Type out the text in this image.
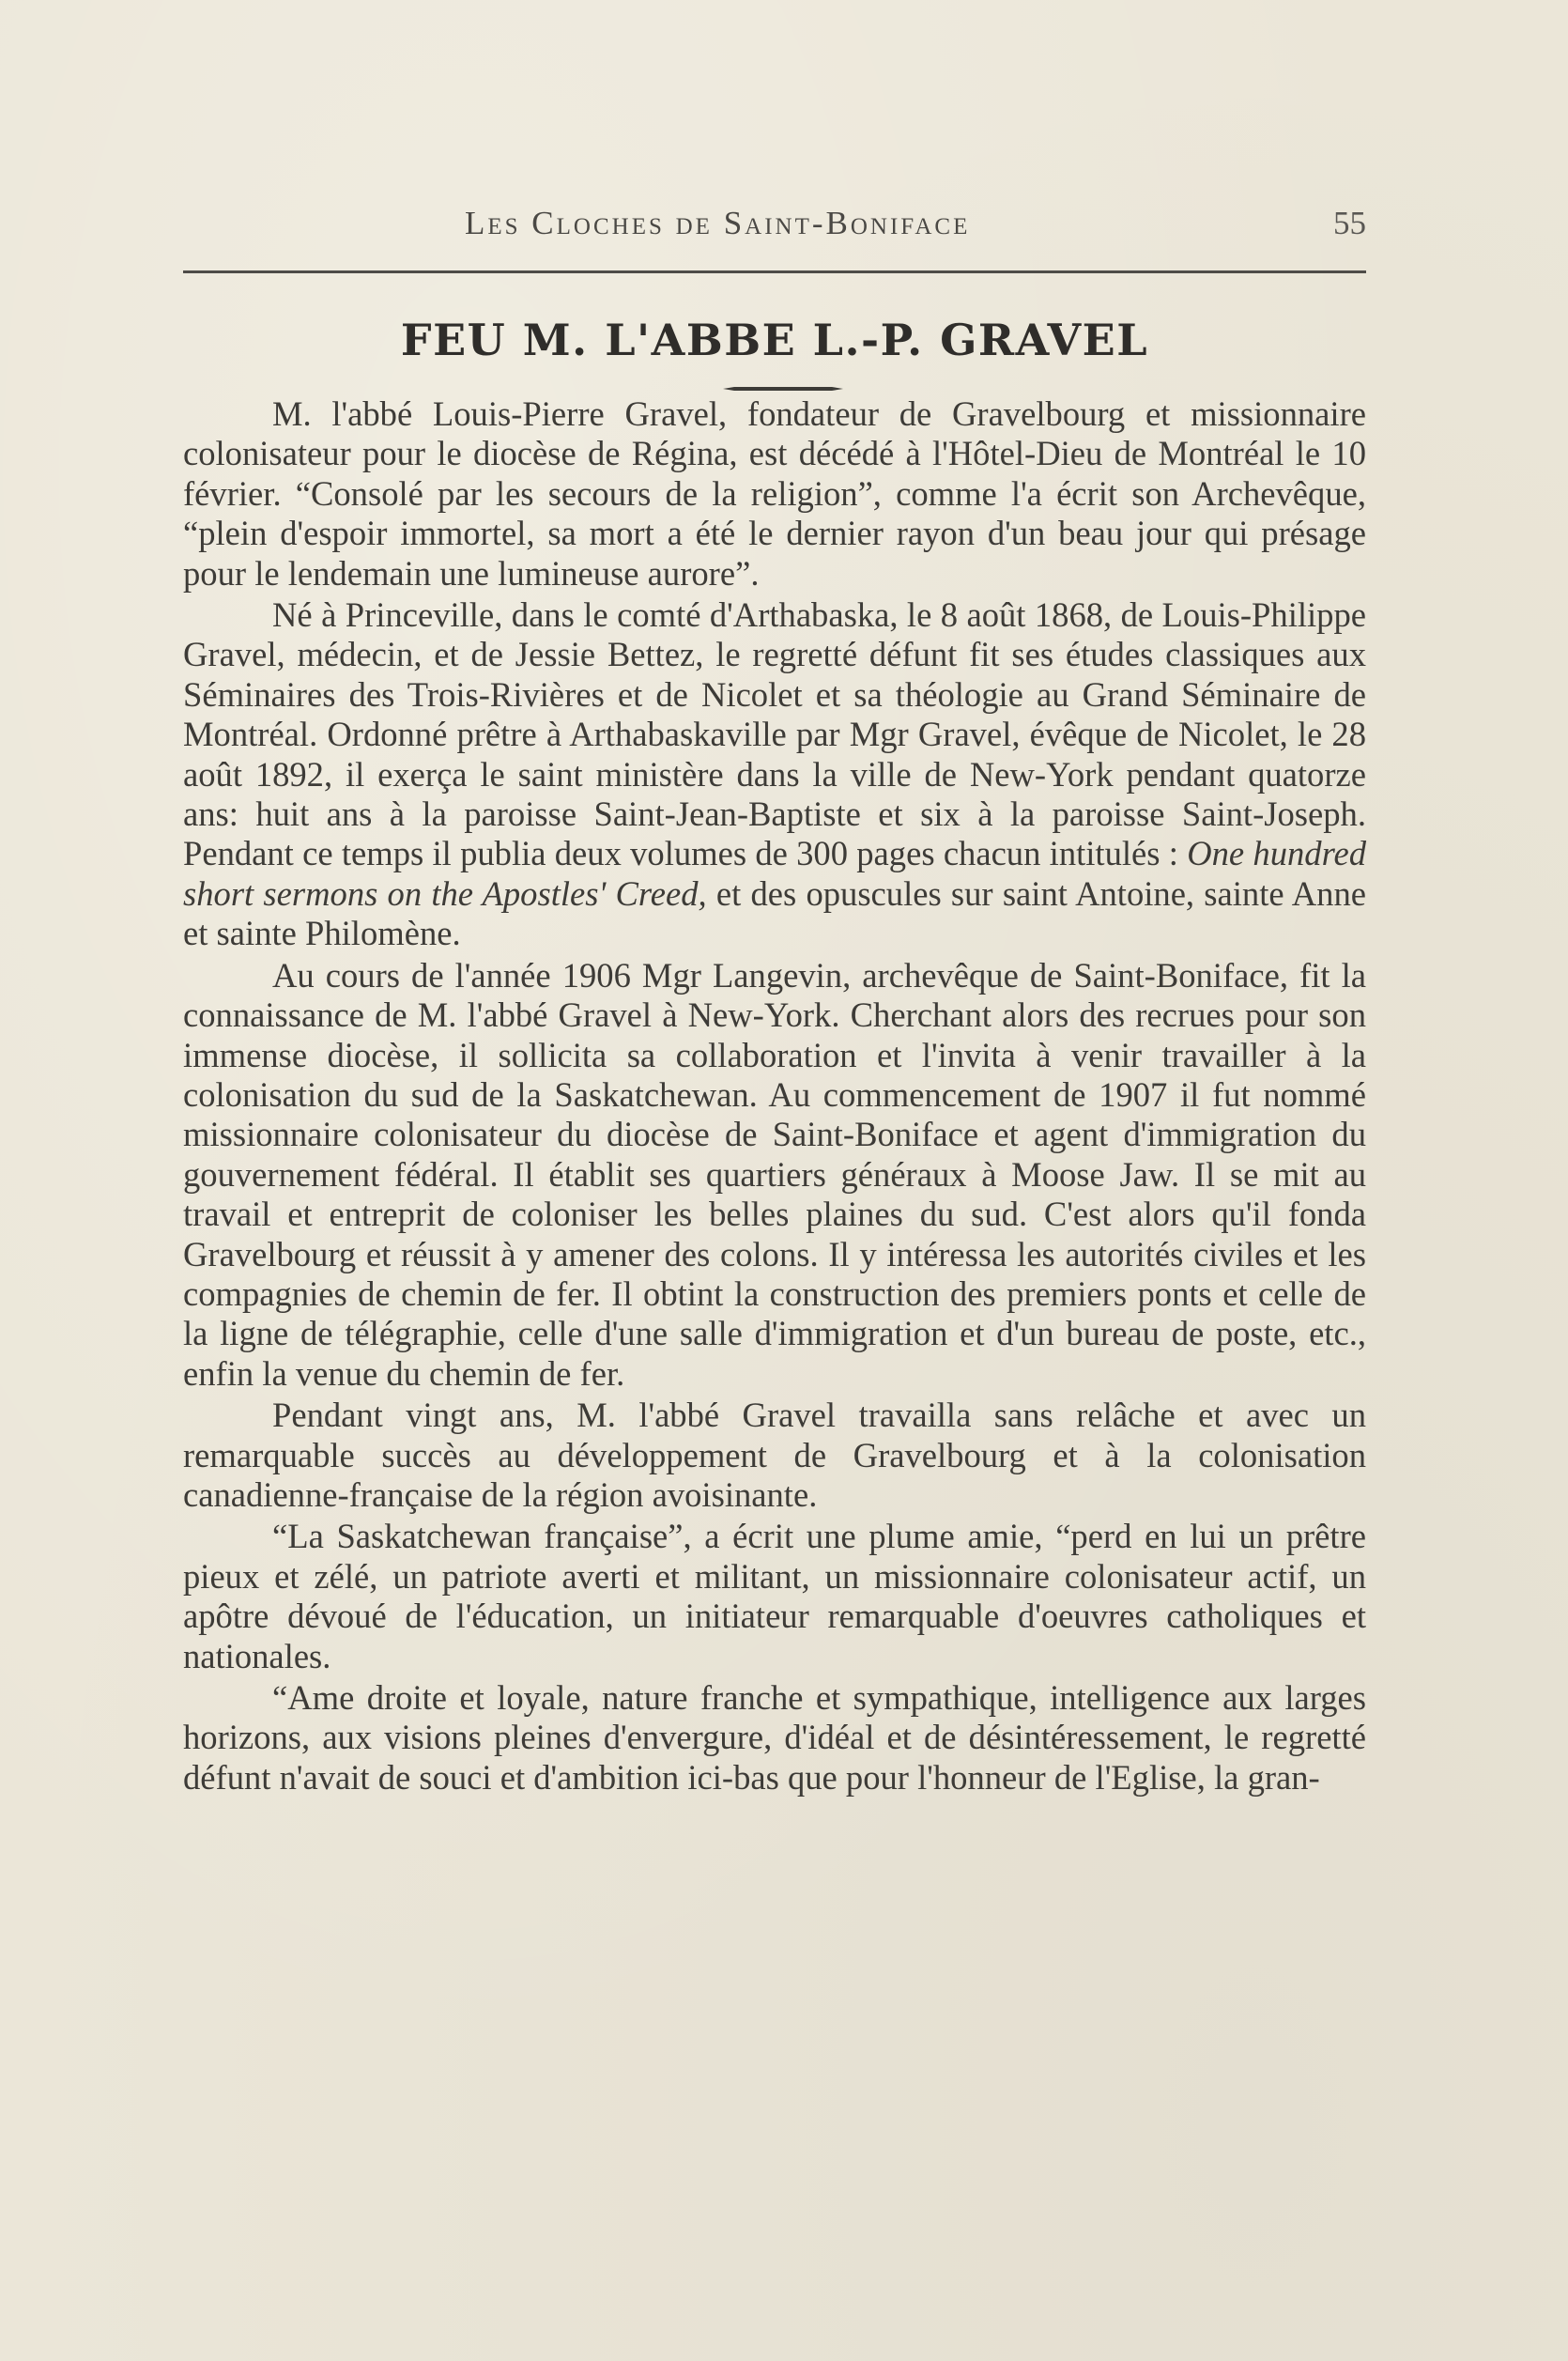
Les Cloches de Saint-Boniface	55
FEU M. L'ABBE L.-P. GRAVEL

M. l'abbé Louis-Pierre Gravel, fondateur de Gravelbourg et missionnaire colonisateur pour le diocèse de Régina, est décédé à l'Hôtel-Dieu de Montréal le 10 février. “Consolé par les secours de la religion”, comme l'a écrit son Archevêque, “plein d'espoir immortel, sa mort a été le dernier rayon d'un beau jour qui présage pour le lendemain une lumineuse aurore”.

Né à Princeville, dans le comté d'Arthabaska, le 8 août 1868, de Louis-Philippe Gravel, médecin, et de Jessie Bettez, le regretté défunt fit ses études classiques aux Séminaires des Trois-Rivières et de Nicolet et sa théologie au Grand Séminaire de Montréal. Ordonné prêtre à Arthabaskaville par Mgr Gravel, évêque de Nicolet, le 28 août 1892, il exerça le saint ministère dans la ville de New-York pendant quatorze ans: huit ans à la paroisse Saint-Jean-Baptiste et six à la paroisse Saint-Joseph. Pendant ce temps il publia deux volumes de 300 pages chacun intitulés : One hundred short sermons on the Apostles' Creed, et des opuscules sur saint Antoine, sainte Anne et sainte Philomène.

Au cours de l'année 1906 Mgr Langevin, archevêque de Saint-Boniface, fit la connaissance de M. l'abbé Gravel à New-York. Cherchant alors des recrues pour son immense diocèse, il sollicita sa collaboration et l'invita à venir travailler à la colonisation du sud de la Saskatchewan. Au commencement de 1907 il fut nommé missionnaire colonisateur du diocèse de Saint-Boniface et agent d'immigration du gouvernement fédéral. Il établit ses quartiers généraux à Moose Jaw. Il se mit au travail et entreprit de coloniser les belles plaines du sud. C'est alors qu'il fonda Gravelbourg et réussit à y amener des colons. Il y intéressa les autorités civiles et les compagnies de chemin de fer. Il obtint la construction des premiers ponts et celle de la ligne de télégraphie, celle d'une salle d'immigration et d'un bureau de poste, etc., enfin la venue du chemin de fer.

Pendant vingt ans, M. l'abbé Gravel travailla sans relâche et avec un remarquable succès au développement de Gravelbourg et à la colonisation canadienne-française de la région avoisinante.

“La Saskatchewan française”, a écrit une plume amie, “perd en lui un prêtre pieux et zélé, un patriote averti et militant, un missionnaire colonisateur actif, un apôtre dévoué de l'éducation, un initiateur remarquable d'oeuvres catholiques et nationales.

“Ame droite et loyale, nature franche et sympathique, intelligence aux larges horizons, aux visions pleines d'envergure, d'idéal et de désintéressement, le regretté défunt n'avait de souci et d'ambition ici-bas que pour l'honneur de l'Eglise, la gran-
